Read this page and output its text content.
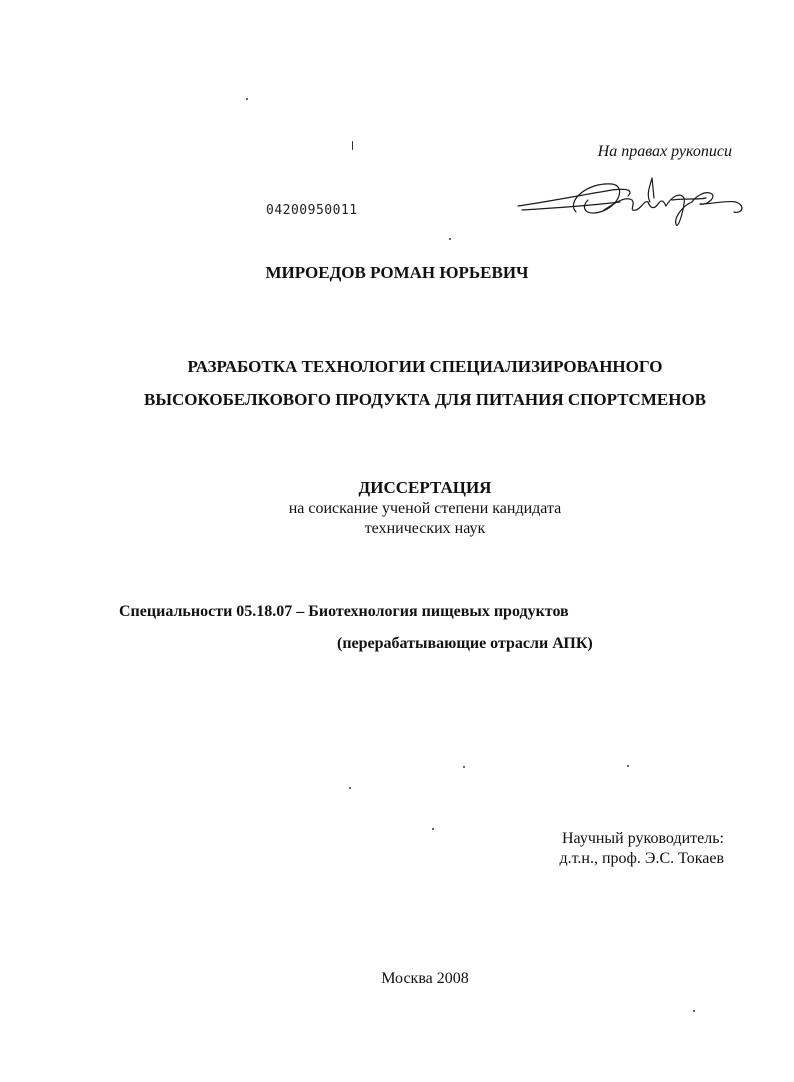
На правах рукописи
04200950011
МИРОЕДОВ РОМАН ЮРЬЕВИЧ
РАЗРАБОТКА ТЕХНОЛОГИИ СПЕЦИАЛИЗИРОВАННОГО
ВЫСОКОБЕЛКОВОГО ПРОДУКТА ДЛЯ ПИТАНИЯ СПОРТСМЕНОВ
ДИССЕРТАЦИЯ
на соискание ученой степени кандидата
технических наук
Специальности 05.18.07 – Биотехнология пищевых продуктов
(перерабатывающие отрасли АПК)
Научный руководитель:
д.т.н., проф. Э.С. Токаев
Москва 2008
